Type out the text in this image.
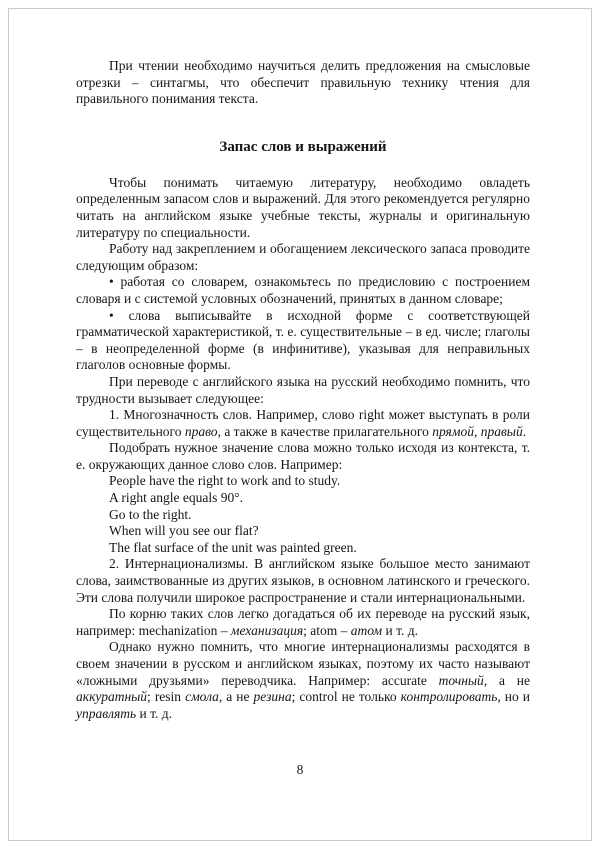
При чтении необходимо научиться делить предложения на смысловые отрезки – синтагмы, что обеспечит правильную технику чтения для правильного понимания текста.

Запас слов и выражений

Чтобы понимать читаемую литературу, необходимо овладеть определенным запасом слов и выражений. Для этого рекомендуется регулярно читать на английском языке учебные тексты, журналы и оригинальную литературу по специальности.

Работу над закреплением и обогащением лексического запаса проводите следующим образом:

• работая со словарем, ознакомьтесь по предисловию с построением словаря и с системой условных обозначений, принятых в данном словаре;

• слова выписывайте в исходной форме с соответствующей грамматической характеристикой, т. е. существительные – в ед. числе; глаголы – в неопределенной форме (в инфинитиве), указывая для неправильных глаголов основные формы.

При переводе с английского языка на русский необходимо помнить, что трудности вызывает следующее:

1. Многозначность слов. Например, слово right может выступать в роли существительного право, а также в качестве прилагательного прямой, правый.

Подобрать нужное значение слова можно только исходя из контекста, т. е. окружающих данное слово слов. Например:

People have the right to work and to study.

A right angle equals 90°.

Go to the right.

When will you see our flat?

The flat surface of the unit was painted green.

2. Интернационализмы. В английском языке большое место занимают слова, заимствованные из других языков, в основном латинского и греческого. Эти слова получили широкое распространение и стали интернациональными.

По корню таких слов легко догадаться об их переводе на русский язык, например: mechanization – механизация; atom – атом и т. д.

Однако нужно помнить, что многие интернационализмы расходятся в своем значении в русском и английском языках, поэтому их часто называют «ложными друзьями» переводчика. Например: accurate точный, а не аккуратный; resin смола, а не резина; control не только контролировать, но и управлять и т. д.

8
